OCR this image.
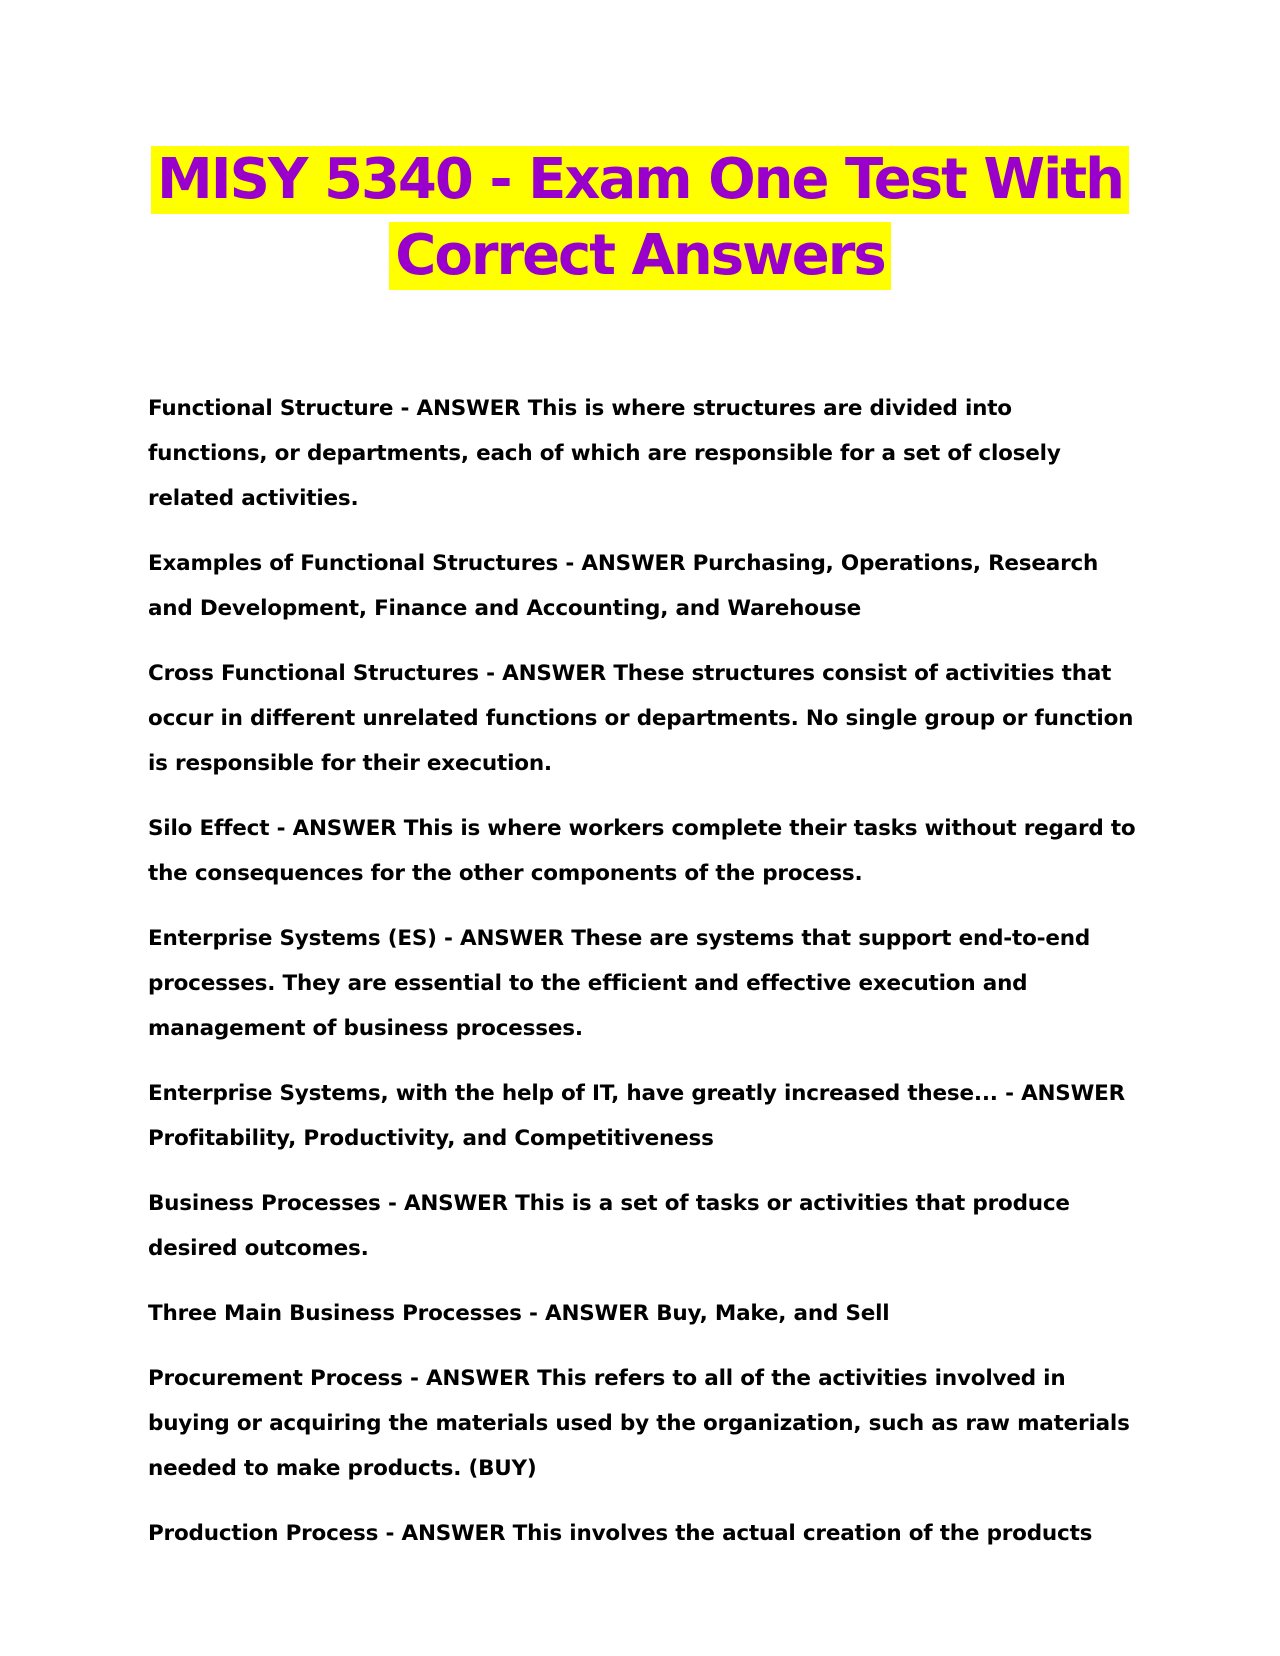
MISY 5340 - Exam One Test With
Correct Answers

Functional Structure - ANSWER This is where structures are divided into functions, or departments, each of which are responsible for a set of closely related activities.

Examples of Functional Structures - ANSWER Purchasing, Operations, Research and Development, Finance and Accounting, and Warehouse

Cross Functional Structures - ANSWER These structures consist of activities that occur in different unrelated functions or departments. No single group or function is responsible for their execution.

Silo Effect - ANSWER This is where workers complete their tasks without regard to the consequences for the other components of the process.

Enterprise Systems (ES) - ANSWER These are systems that support end-to-end processes. They are essential to the efficient and effective execution and management of business processes.

Enterprise Systems, with the help of IT, have greatly increased these... - ANSWER Profitability, Productivity, and Competitiveness

Business Processes - ANSWER This is a set of tasks or activities that produce desired outcomes.

Three Main Business Processes - ANSWER Buy, Make, and Sell

Procurement Process - ANSWER This refers to all of the activities involved in buying or acquiring the materials used by the organization, such as raw materials needed to make products. (BUY)

Production Process - ANSWER This involves the actual creation of the products
